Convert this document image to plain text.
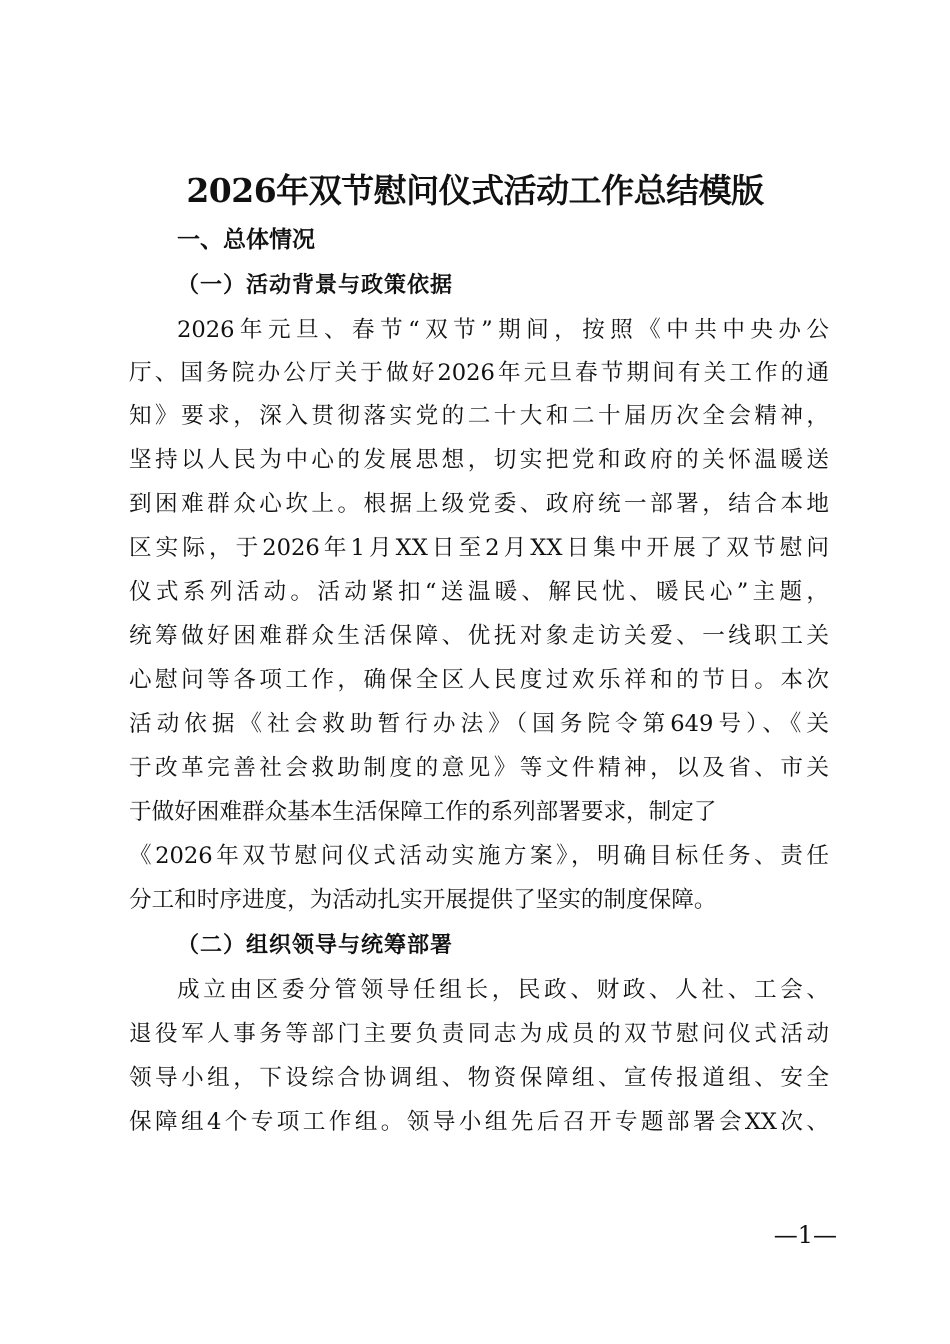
2026年双节慰问仪式活动工作总结模版
一、总体情况
（一）活动背景与政策依据

2026年元旦、春节“双节”期间，按照《中共中央办公

厅、国务院办公厅关于做好2026年元旦春节期间有关工作的通

知》要求，深入贯彻落实党的二十大和二十届历次全会精神，

坚持以人民为中心的发展思想，切实把党和政府的关怀温暖送

到困难群众心坎上。根据上级党委、政府统一部署，结合本地

区实际，于2026年1月XX日至2月XX日集中开展了双节慰问

仪式系列活动。活动紧扣“送温暖、解民忧、暖民心”主题，

统筹做好困难群众生活保障、优抚对象走访关爱、一线职工关

心慰问等各项工作，确保全区人民度过欢乐祥和的节日。本次

活动依据《社会救助暂行办法》（国务院令第649号）、《关

于改革完善社会救助制度的意见》等文件精神，以及省、市关

于做好困难群众基本生活保障工作的系列部署要求，制定了

《2026年双节慰问仪式活动实施方案》，明确目标任务、责任

分工和时序进度，为活动扎实开展提供了坚实的制度保障。

（二）组织领导与统筹部署

成立由区委分管领导任组长，民政、财政、人社、工会、

退役军人事务等部门主要负责同志为成员的双节慰问仪式活动

领导小组，下设综合协调组、物资保障组、宣传报道组、安全

保障组4个专项工作组。领导小组先后召开专题部署会XX次、

—1—
